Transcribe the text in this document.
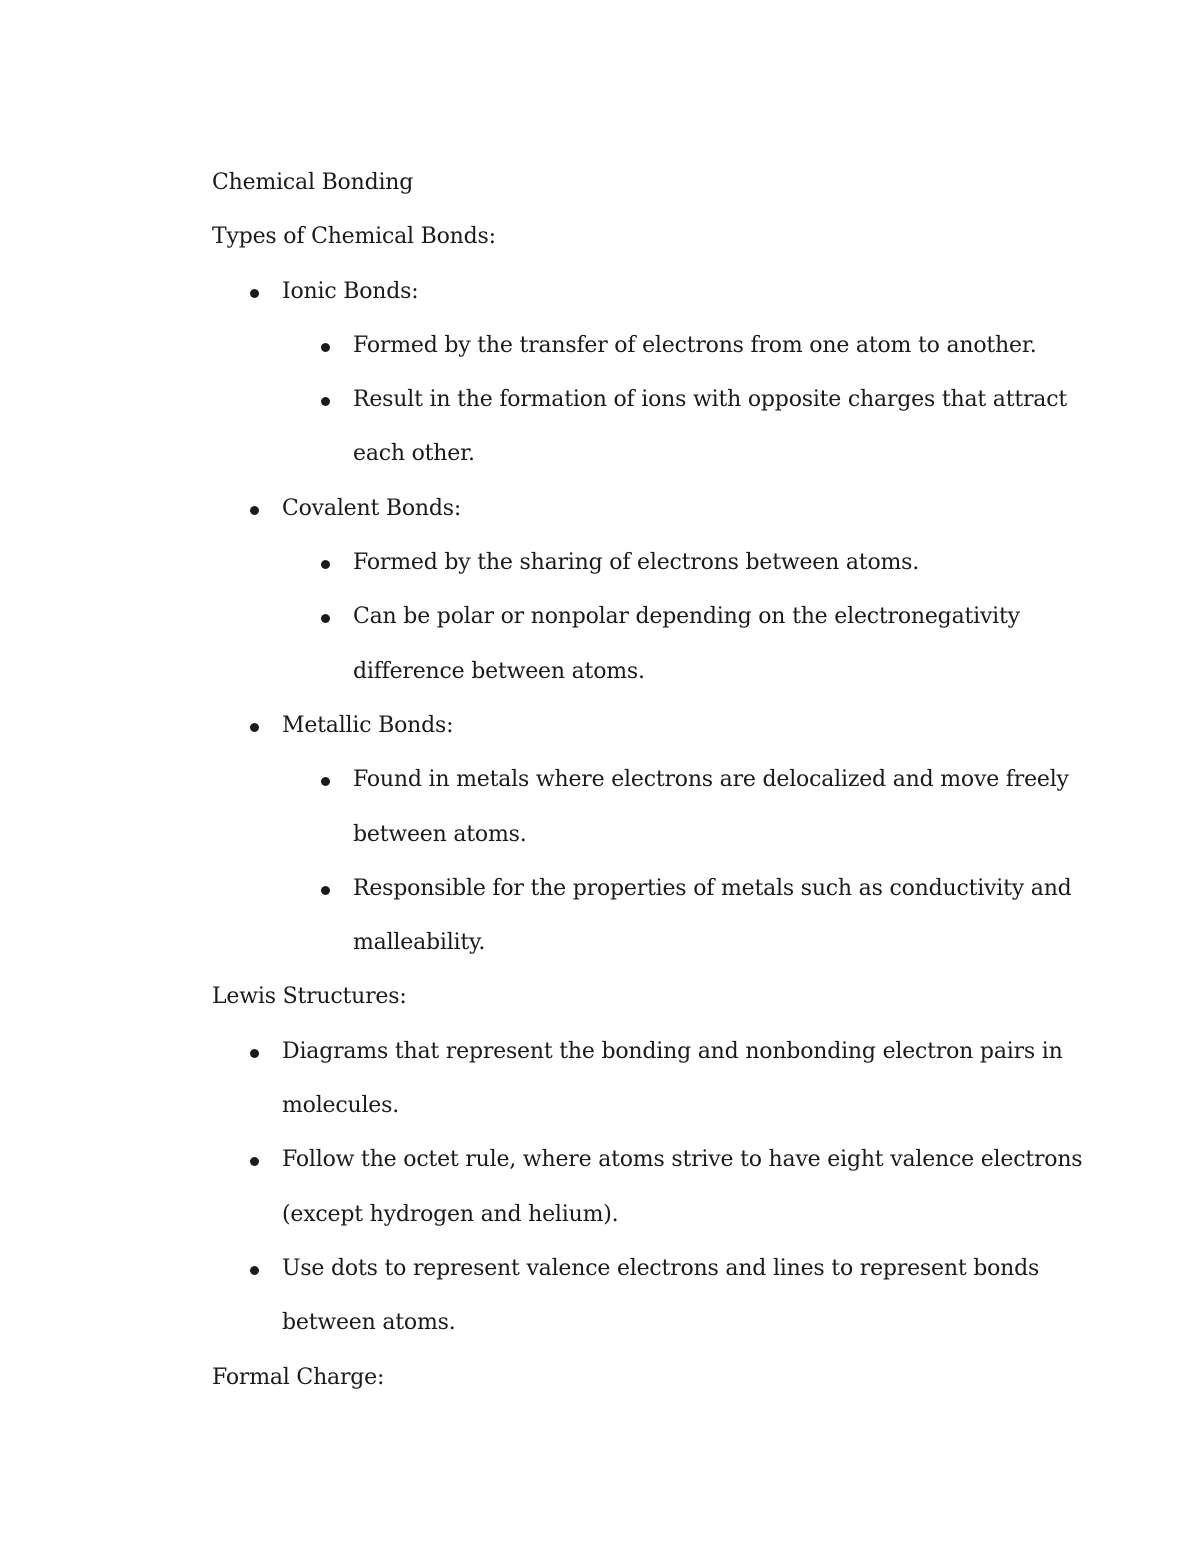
Chemical Bonding
Types of Chemical Bonds:
Ionic Bonds:
Formed by the transfer of electrons from one atom to another.
Result in the formation of ions with opposite charges that attract
each other.
Covalent Bonds:
Formed by the sharing of electrons between atoms.
Can be polar or nonpolar depending on the electronegativity
difference between atoms.
Metallic Bonds:
Found in metals where electrons are delocalized and move freely
between atoms.
Responsible for the properties of metals such as conductivity and
malleability.
Lewis Structures:
Diagrams that represent the bonding and nonbonding electron pairs in
molecules.
Follow the octet rule, where atoms strive to have eight valence electrons
(except hydrogen and helium).
Use dots to represent valence electrons and lines to represent bonds
between atoms.
Formal Charge:
